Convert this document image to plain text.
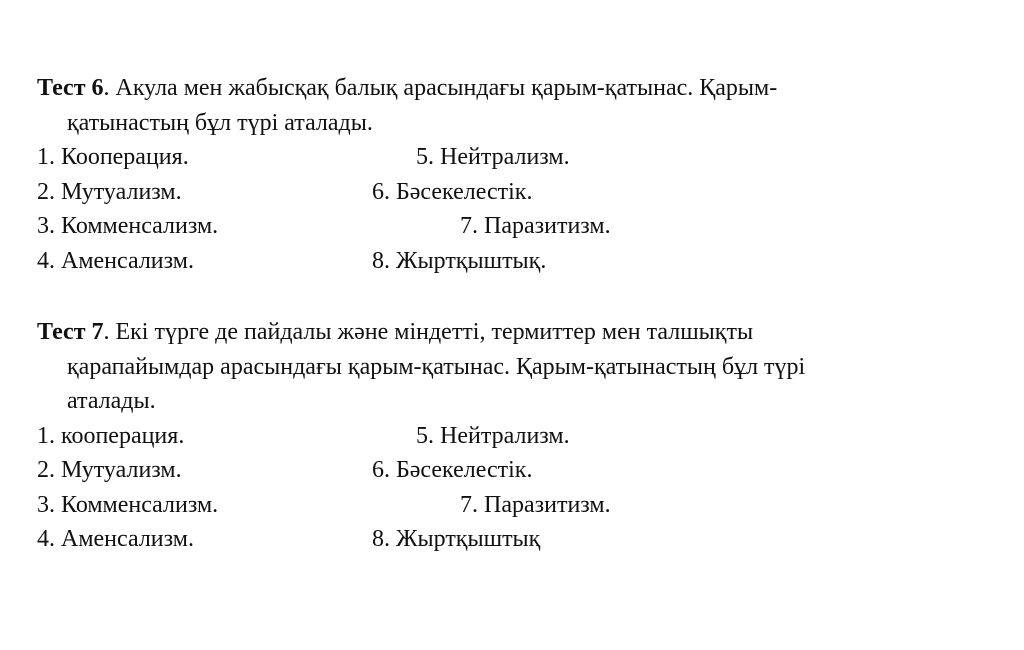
Тест 6. Акула мен жабысқақ балық арасындағы қарым-қатынас. Қарым-
қатынастың бұл түрі аталады.
1. Кооперация.	5. Нейтрализм.
2. Мутуализм.	6. Бәсекелестік.
3. Комменсализм.	7. Паразитизм.
4. Аменсализм.	8. Жыртқыштық.
Тест 7. Екі түрге де пайдалы және міндетті, термиттер мен талшықты
қарапайымдар арасындағы қарым-қатынас. Қарым-қатынастың бұл түрі
аталады.
1. кооперация.	5. Нейтрализм.
2. Мутуализм.	6. Бәсекелестік.
3. Комменсализм.	7. Паразитизм.
4. Аменсализм.	8. Жыртқыштық
